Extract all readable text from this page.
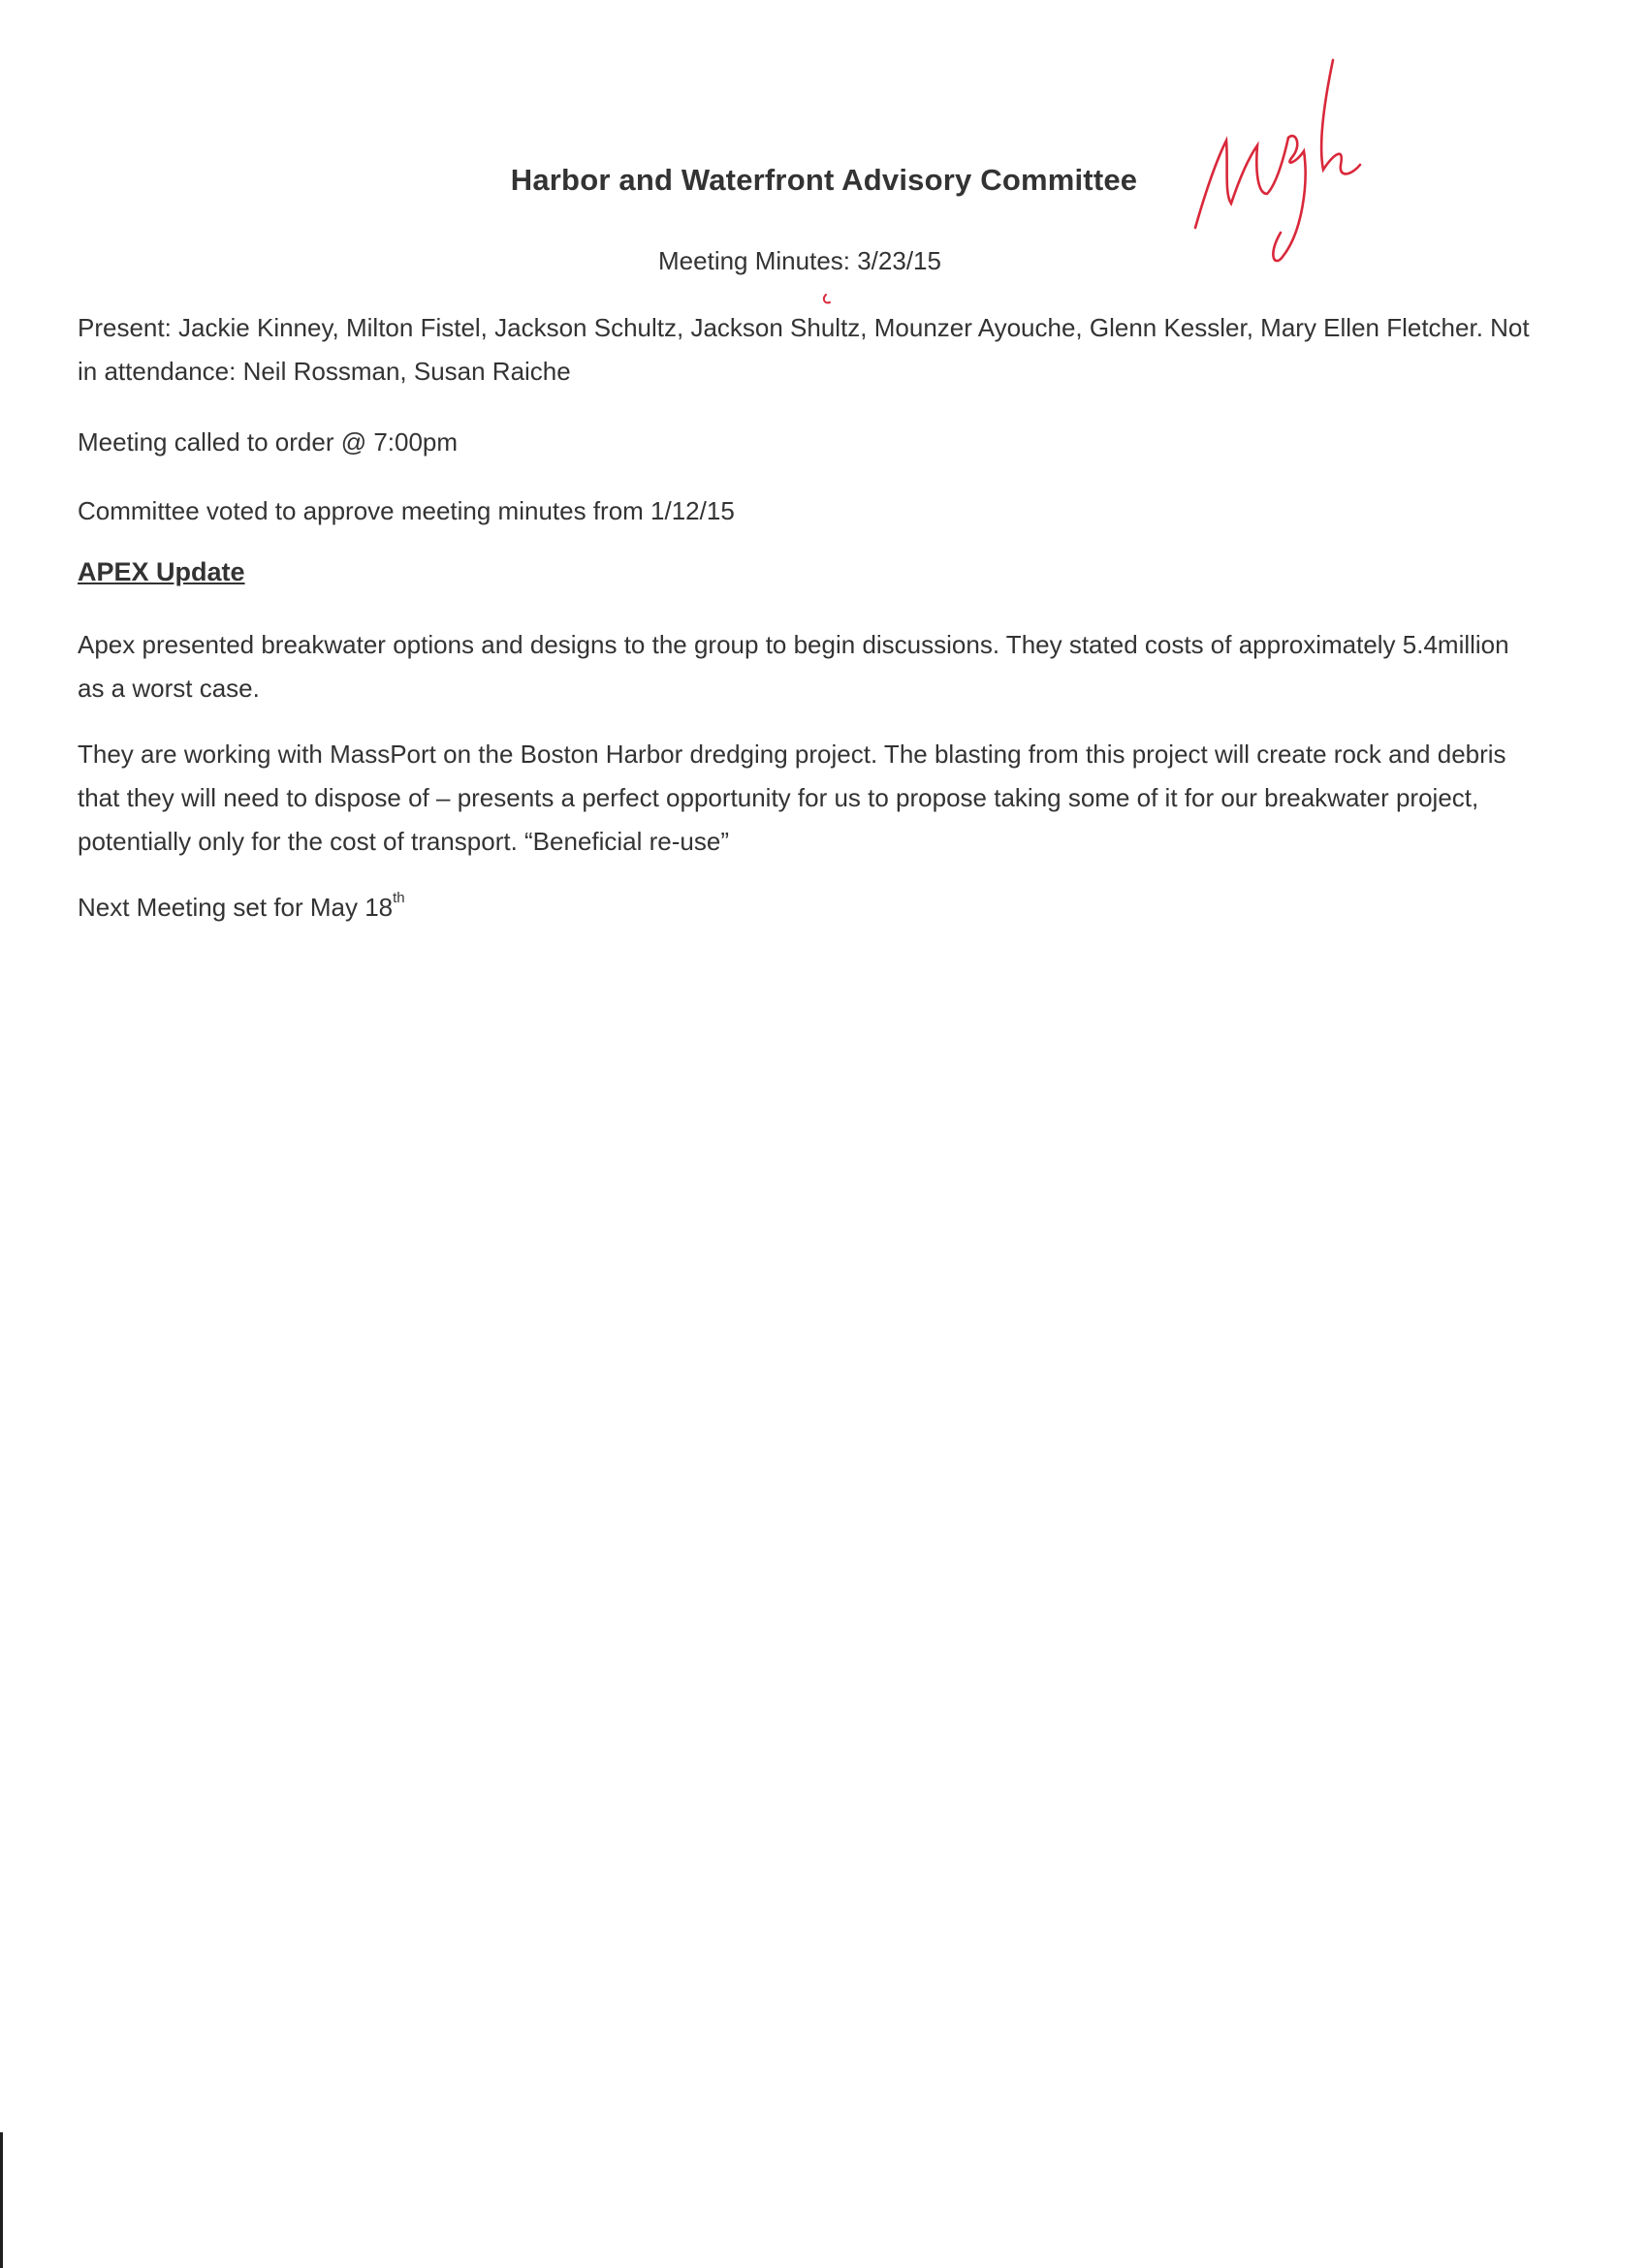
Harbor and Waterfront Advisory Committee
Meeting Minutes: 3/23/15
Present: Jackie Kinney, Milton Fistel, Jackson Schultz, Jackson Shultz, Mounzer Ayouche, Glenn Kessler, Mary Ellen Fletcher. Not in attendance: Neil Rossman, Susan Raiche
Meeting called to order @ 7:00pm
Committee voted to approve meeting minutes from 1/12/15
APEX Update
Apex presented breakwater options and designs to the group to begin discussions. They stated costs of approximately 5.4million as a worst case.
They are working with MassPort on the Boston Harbor dredging project. The blasting from this project will create rock and debris that they will need to dispose of – presents a perfect opportunity for us to propose taking some of it for our breakwater project, potentially only for the cost of transport. “Beneficial re-use”
Next Meeting set for May 18th
